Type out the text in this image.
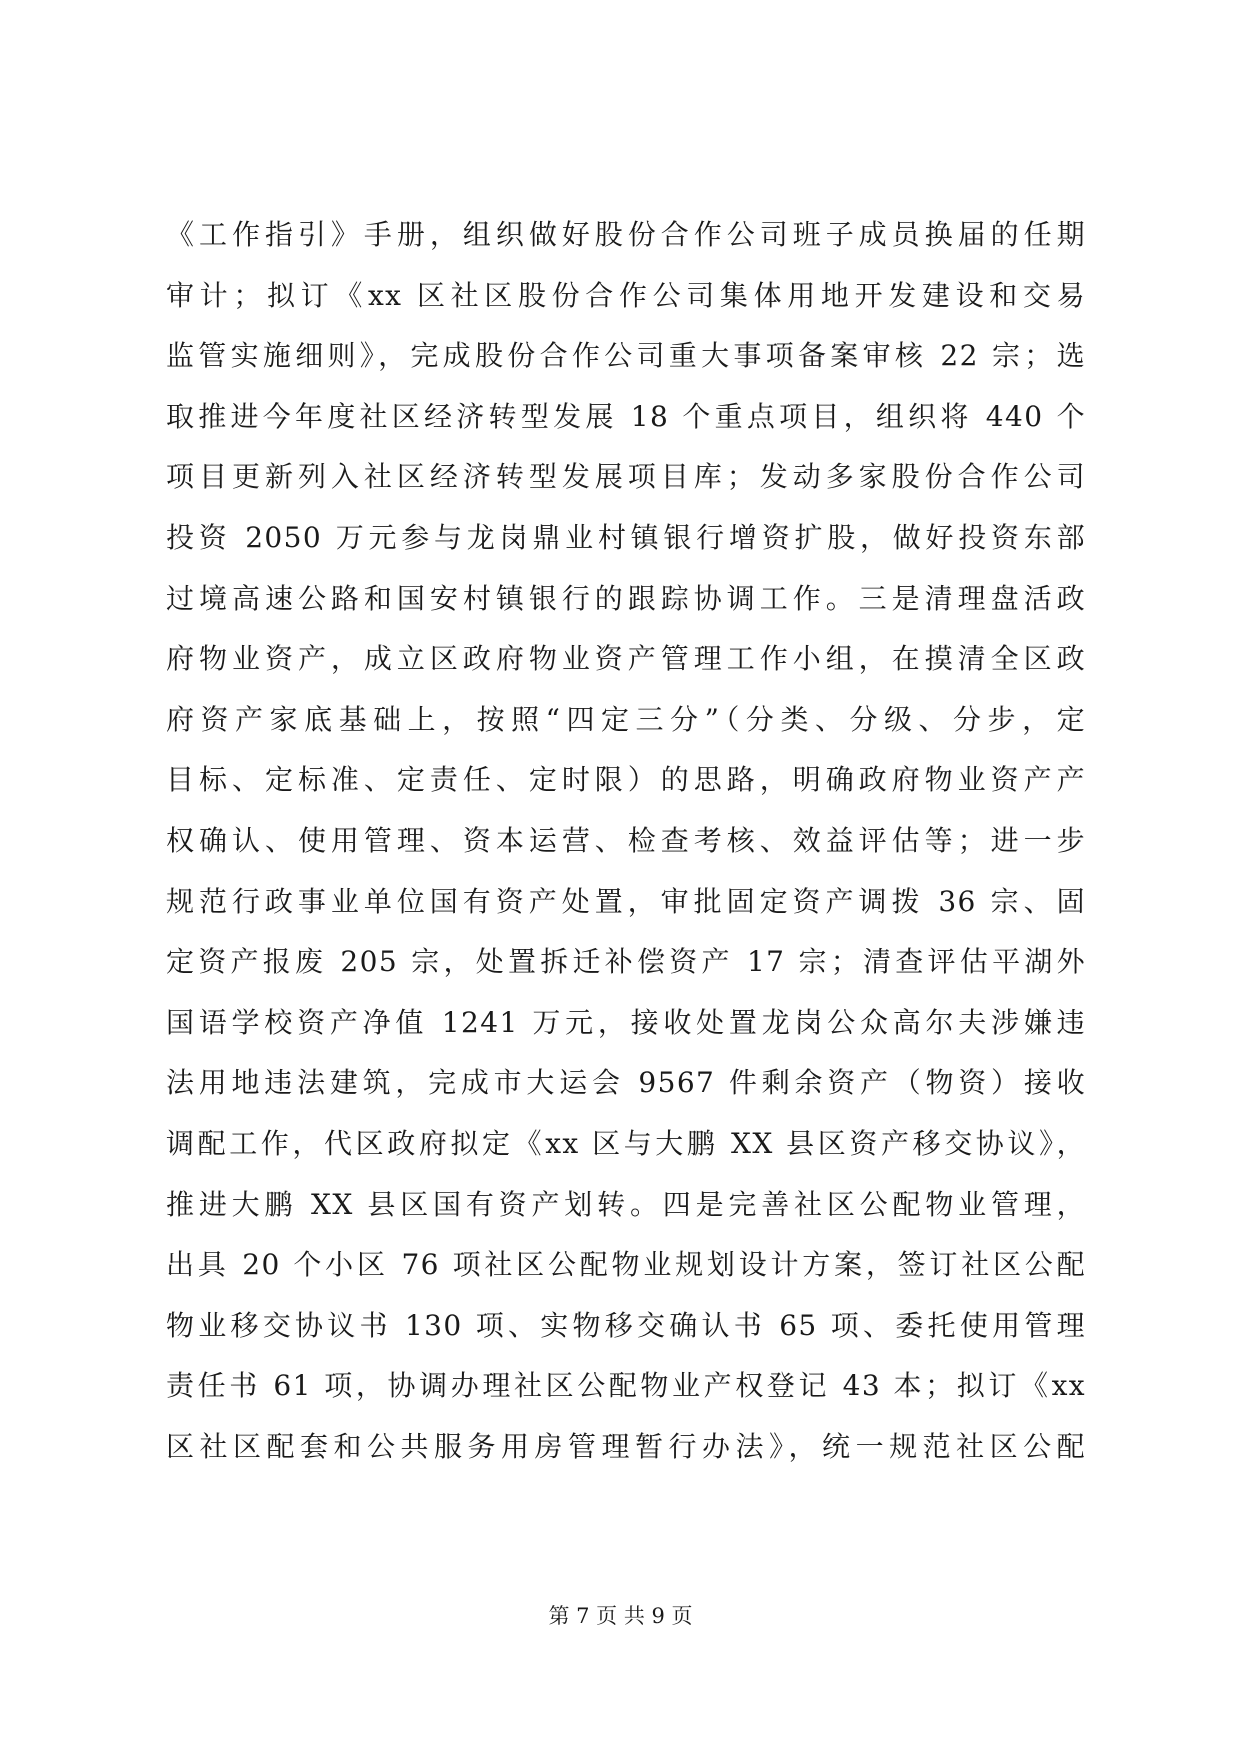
《工作指引》手册，组织做好股份合作公司班子成员换届的任期
审计；拟订《xx 区社区股份合作公司集体用地开发建设和交易
监管实施细则》，完成股份合作公司重大事项备案审核 22 宗；选
取推进今年度社区经济转型发展 18 个重点项目，组织将 440 个
项目更新列入社区经济转型发展项目库；发动多家股份合作公司
投资 2050 万元参与龙岗鼎业村镇银行增资扩股，做好投资东部
过境高速公路和国安村镇银行的跟踪协调工作。三是清理盘活政
府物业资产，成立区政府物业资产管理工作小组，在摸清全区政
府资产家底基础上，按照“四定三分”（分类、分级、分步，定
目标、定标准、定责任、定时限）的思路，明确政府物业资产产
权确认、使用管理、资本运营、检查考核、效益评估等；进一步
规范行政事业单位国有资产处置，审批固定资产调拨 36 宗、固
定资产报废 205 宗，处置拆迁补偿资产 17 宗；清查评估平湖外
国语学校资产净值 1241 万元，接收处置龙岗公众高尔夫涉嫌违
法用地违法建筑，完成市大运会 9567 件剩余资产（物资）接收
调配工作，代区政府拟定《xx 区与大鹏 XX 县区资产移交协议》，
推进大鹏 XX 县区国有资产划转。四是完善社区公配物业管理，
出具 20 个小区 76 项社区公配物业规划设计方案，签订社区公配
物业移交协议书 130 项、实物移交确认书 65 项、委托使用管理
责任书 61 项，协调办理社区公配物业产权登记 43 本；拟订《xx
区社区配套和公共服务用房管理暂行办法》，统一规范社区公配
第 7 页 共 9 页
